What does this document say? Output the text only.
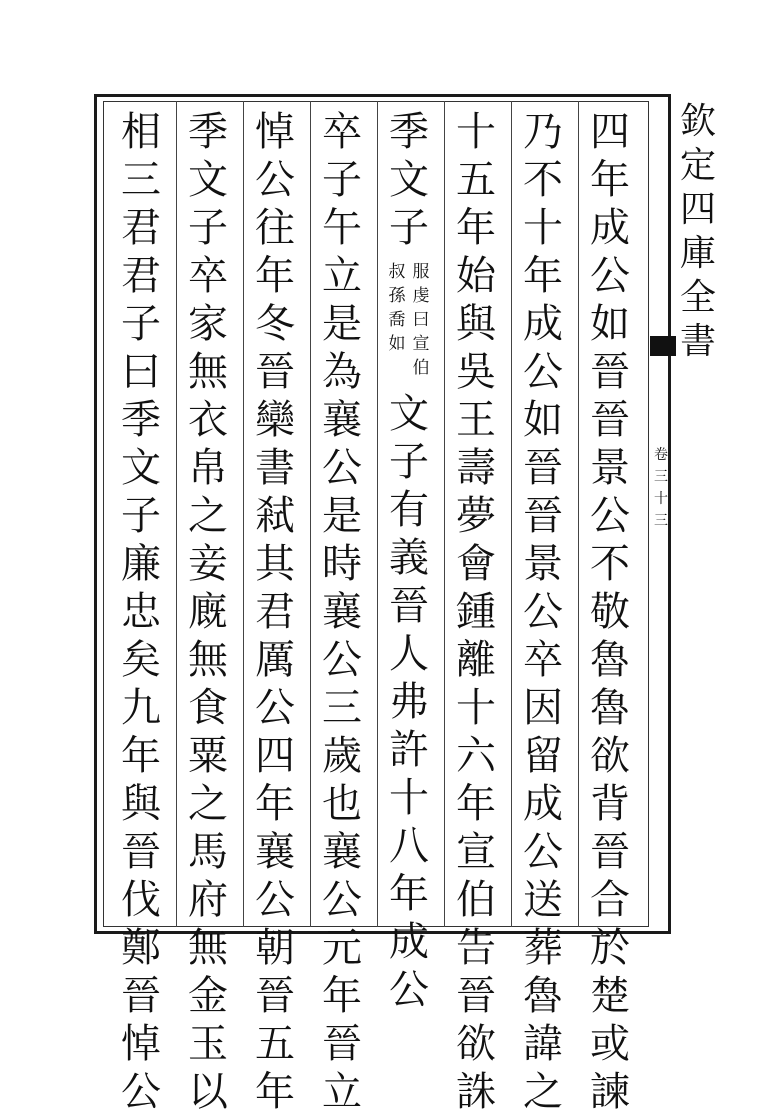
欽
定
四
庫
全
書
卷
三
十
三
四
年
成
公
如
晉
晉
景
公
不
敬
魯
魯
欲
背
晉
合
於
楚
或
諫
乃
不
十
年
成
公
如
晉
晉
景
公
卒
因
留
成
公
送
葬
魯
諱
之
十
五
年
始
與
吳
王
壽
夢
會
鍾
離
十
六
年
宣
伯
告
晉
欲
誅
季
文
子
服
虔
曰
宣
伯
叔
孫
喬
如
文
子
有
義
晉
人
弗
許
十
八
年
成
公
卒
子
午
立
是
為
襄
公
是
時
襄
公
三
歲
也
襄
公
元
年
晉
立
悼
公
往
年
冬
晉
欒
書
弒
其
君
厲
公
四
年
襄
公
朝
晉
五
年
季
文
子
卒
家
無
衣
帛
之
妾
廐
無
食
粟
之
馬
府
無
金
玉
以
相
三
君
君
子
曰
季
文
子
廉
忠
矣
九
年
與
晉
伐
鄭
晉
悼
公
